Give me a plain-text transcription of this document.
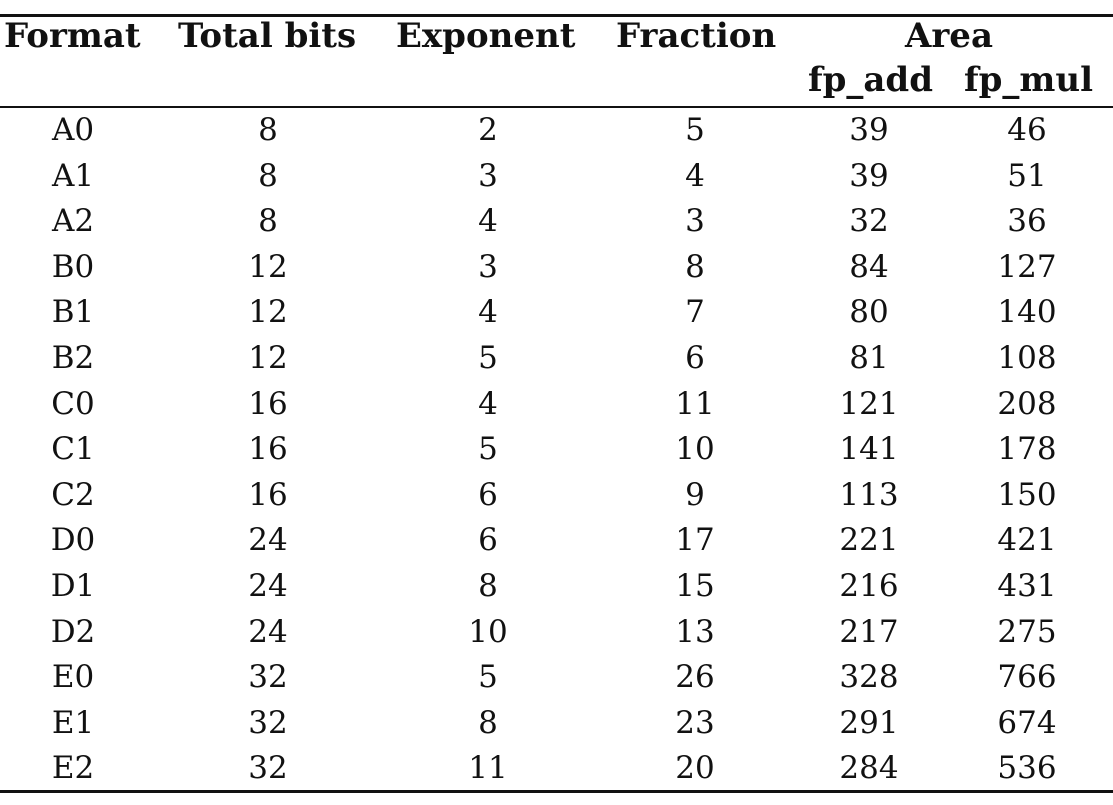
Format Total bits Exponent Fraction	Area
fp_add fp_mul
A0	8	2	5	39	46
A1	8	3	4	39	51
A2	8	4	3	32	36
B0	12	3	8	84	127
B1	12	4	7	80	140
B2	12	5	6	81	108
C0	16	4	11	121	208
C1	16	5	10	141	178
C2	16	6	9	113	150
D0	24	6	17	221	421
D1	24	8	15	216	431
D2	24	10	13	217	275
E0	32	5	26	328	766
E1	32	8	23	291	674
E2	32	11	20	284	536
